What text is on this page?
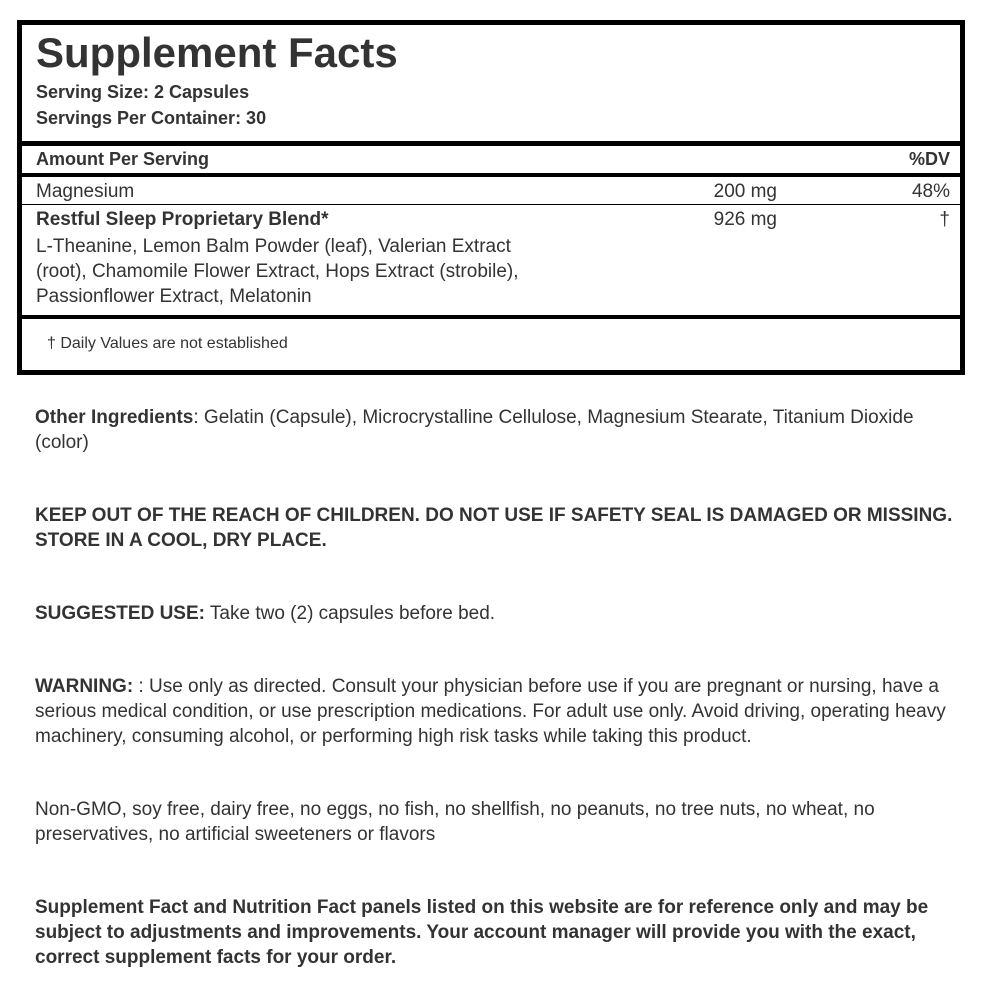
Supplement Facts
Serving Size: 2 Capsules
Servings Per Container: 30
Amount Per Serving	%DV
Magnesium	200 mg	48%
Restful Sleep Proprietary Blend*	926 mg	†
L-Theanine, Lemon Balm Powder (leaf), Valerian Extract (root), Chamomile Flower Extract, Hops Extract (strobile), Passionflower Extract, Melatonin
† Daily Values are not established
Other Ingredients: Gelatin (Capsule), Microcrystalline Cellulose, Magnesium Stearate, Titanium Dioxide (color)
KEEP OUT OF THE REACH OF CHILDREN. DO NOT USE IF SAFETY SEAL IS DAMAGED OR MISSING. STORE IN A COOL, DRY PLACE.
SUGGESTED USE: Take two (2) capsules before bed.
WARNING: : Use only as directed. Consult your physician before use if you are pregnant or nursing, have a serious medical condition, or use prescription medications. For adult use only. Avoid driving, operating heavy machinery, consuming alcohol, or performing high risk tasks while taking this product.
Non-GMO, soy free, dairy free, no eggs, no fish, no shellfish, no peanuts, no tree nuts, no wheat, no preservatives, no artificial sweeteners or flavors
Supplement Fact and Nutrition Fact panels listed on this website are for reference only and may be subject to adjustments and improvements. Your account manager will provide you with the exact, correct supplement facts for your order.
